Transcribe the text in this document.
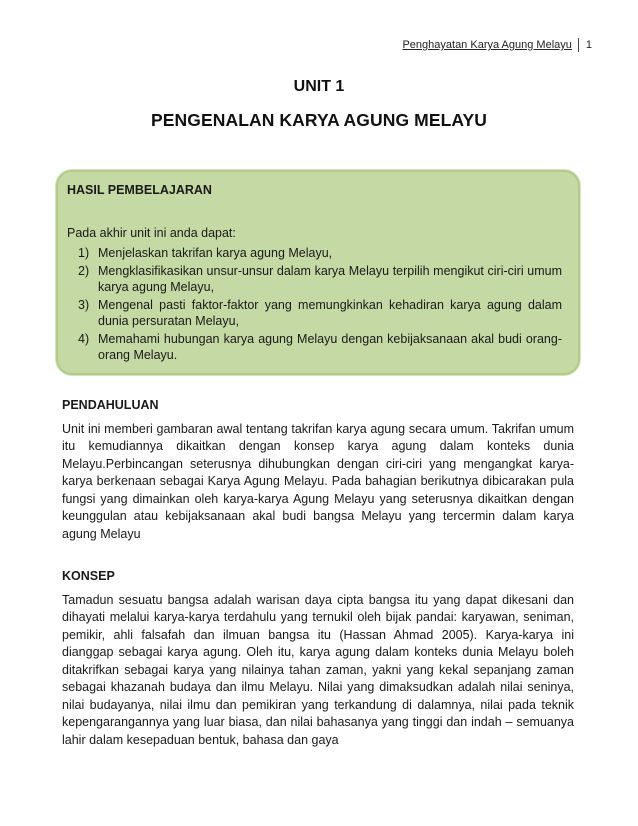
Penghayatan Karya Agung Melayu	1
UNIT 1
PENGENALAN KARYA AGUNG MELAYU

HASIL PEMBELAJARAN

Pada akhir unit ini anda dapat:
1) Menjelaskan takrifan karya agung Melayu,
2) Mengklasifikasikan unsur-unsur dalam karya Melayu terpilih mengikut ciri-ciri umum karya agung Melayu,
3) Mengenal pasti faktor-faktor yang memungkinkan kehadiran karya agung dalam dunia persuratan Melayu,
4) Memahami hubungan karya agung Melayu dengan kebijaksanaan akal budi orang-orang Melayu.

PENDAHULUAN

Unit ini memberi gambaran awal tentang takrifan karya agung secara umum. Takrifan umum itu kemudiannya dikaitkan dengan konsep karya agung dalam konteks dunia Melayu.Perbincangan seterusnya dihubungkan dengan ciri-ciri yang mengangkat karya-karya berkenaan sebagai Karya Agung Melayu. Pada bahagian berikutnya dibicarakan pula fungsi yang dimainkan oleh karya-karya Agung Melayu yang seterusnya dikaitkan dengan keunggulan atau kebijaksanaan akal budi bangsa Melayu yang tercermin dalam karya agung Melayu

KONSEP

Tamadun sesuatu bangsa adalah warisan daya cipta bangsa itu yang dapat dikesani dan dihayati melalui karya-karya terdahulu yang ternukil oleh bijak pandai: karyawan, seniman, pemikir, ahli falsafah dan ilmuan bangsa itu (Hassan Ahmad 2005). Karya-karya ini dianggap sebagai karya agung. Oleh itu, karya agung dalam konteks dunia Melayu boleh ditakrifkan sebagai karya yang nilainya tahan zaman, yakni yang kekal sepanjang zaman sebagai khazanah budaya dan ilmu Melayu. Nilai yang dimaksudkan adalah nilai seninya, nilai budayanya, nilai ilmu dan pemikiran yang terkandung di dalamnya, nilai pada teknik kepengarangannya yang luar biasa, dan nilai bahasanya yang tinggi dan indah – semuanya lahir dalam kesepaduan bentuk, bahasa dan gaya
